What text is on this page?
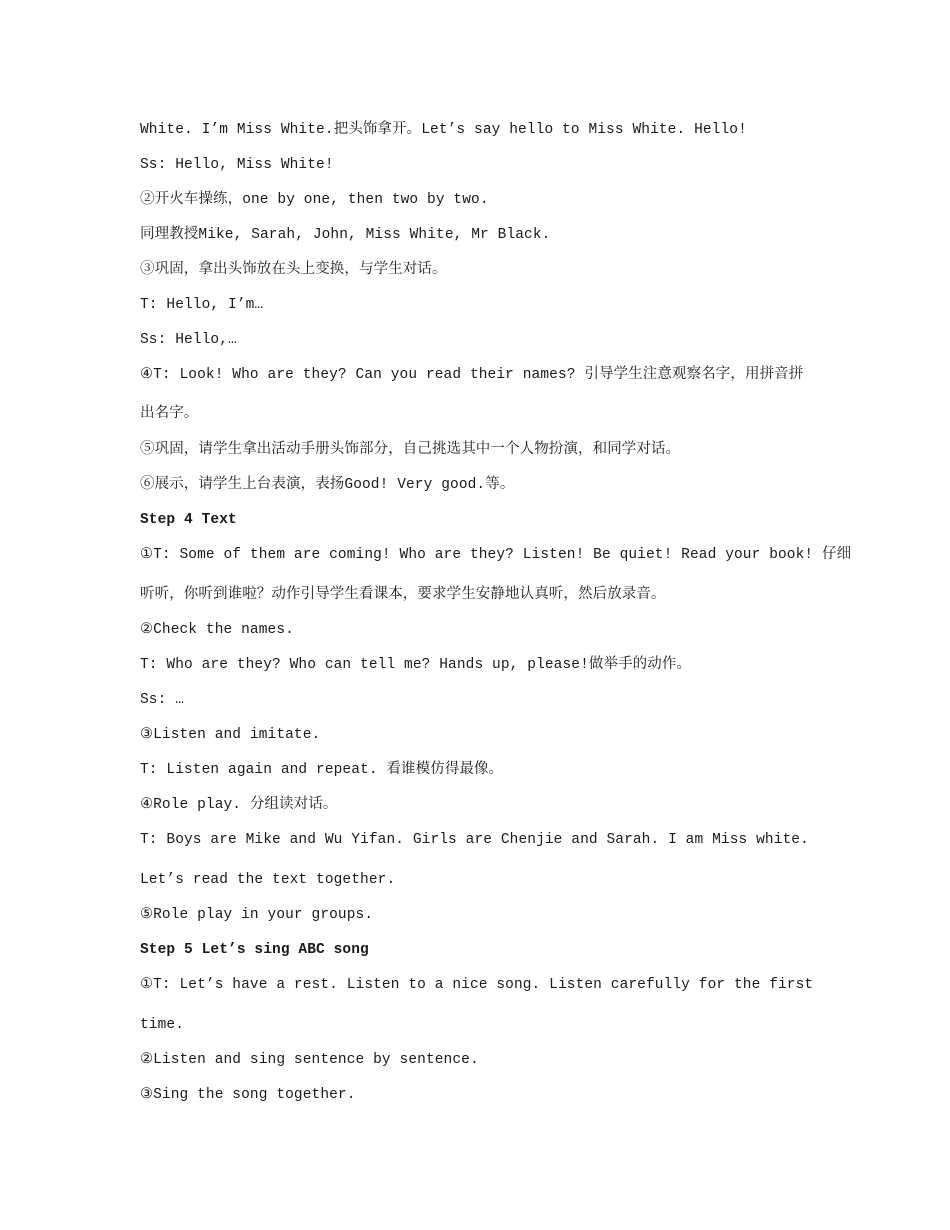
White. I’m Miss White.把头饰拿开。Let’s say hello to Miss White. Hello!
Ss: Hello, Miss White!
②开火车操练，one by one, then two by two.
同理教授Mike, Sarah, John, Miss White, Mr Black.
③巩固，拿出头饰放在头上变换，与学生对话。
T: Hello, I’m…
Ss: Hello,…
④T: Look! Who are they? Can you read their names? 引导学生注意观察名字，用拼音拼
出名字。
⑤巩固，请学生拿出活动手册头饰部分，自己挑选其中一个人物扮演，和同学对话。
⑥展示，请学生上台表演，表扬Good! Very good.等。
Step 4 Text
①T: Some of them are coming! Who are they? Listen! Be quiet! Read your book! 仔细
听听，你听到谁啦？动作引导学生看课本，要求学生安静地认真听，然后放录音。
②Check the names.
T: Who are they? Who can tell me? Hands up, please!做举手的动作。
Ss: …
③Listen and imitate.
T: Listen again and repeat. 看谁模仿得最像。
④Role play. 分组读对话。
T: Boys are Mike and Wu Yifan. Girls are Chenjie and Sarah. I am Miss white.
Let’s read the text together.
⑤Role play in your groups.
Step 5 Let’s sing ABC song
①T: Let’s have a rest. Listen to a nice song. Listen carefully for the first
time.
②Listen and sing sentence by sentence.
③Sing the song together.
